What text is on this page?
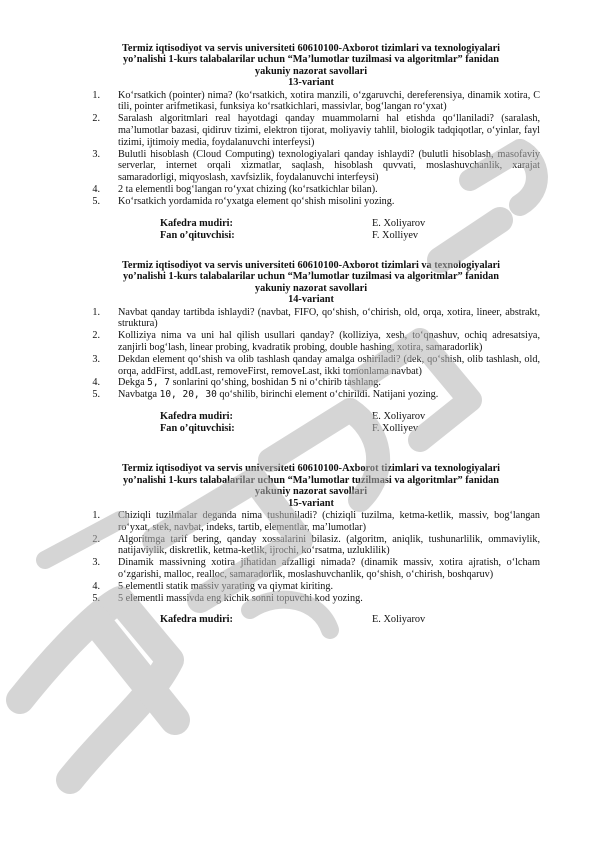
Termiz iqtisodiyot va servis universiteti 60610100-Axborot tizimlari va texnologiyalari
yo’nalishi 1-kurs talabalarilar uchun “Ma’lumotlar tuzilmasi va algoritmlar” fanidan
yakuniy nazorat savollari
13-variant
1.	Koʻrsatkich (pointer) nima? (koʻrsatkich, xotira manzili, oʻzgaruvchi, dereferensiya, dinamik xotira, C tili, pointer arifmetikasi, funksiya koʻrsatkichlari, massivlar, bogʻlangan roʻyxat)
2.	Saralash algoritmlari real hayotdagi qanday muammolarni hal etishda qoʻllaniladi? (saralash, maʼlumotlar bazasi, qidiruv tizimi, elektron tijorat, moliyaviy tahlil, biologik tadqiqotlar, oʻyinlar, fayl tizimi, ijtimoiy media, foydalanuvchi interfeysi)
3.	Bulutli hisoblash (Cloud Computing) texnologiyalari qanday ishlaydi? (bulutli hisoblash, masofaviy serverlar, internet orqali xizmatlar, saqlash, hisoblash quvvati, moslashuvchanlik, xarajat samaradorligi, miqyoslash, xavfsizlik, foydalanuvchi interfeysi)
4.	2 ta elementli bogʻlangan roʻyxat chizing (koʻrsatkichlar bilan).
5.	Koʻrsatkich yordamida roʻyxatga element qoʻshish misolini yozing.
Kafedra mudiri:	E. Xoliyarov
Fan o’qituvchisi:	F. Xolliyev
Termiz iqtisodiyot va servis universiteti 60610100-Axborot tizimlari va texnologiyalari
yo’nalishi 1-kurs talabalarilar uchun “Ma’lumotlar tuzilmasi va algoritmlar” fanidan
yakuniy nazorat savollari
14-variant
1.	Navbat qanday tartibda ishlaydi? (navbat, FIFO, qoʻshish, oʻchirish, old, orqa, xotira, lineer, abstrakt, struktura)
2.	Kolliziya nima va uni hal qilish usullari qanday? (kolliziya, xesh, toʻqnashuv, ochiq adresatsiya, zanjirli bogʻlash, linear probing, kvadratik probing, double hashing, xotira, samaradorlik)
3.	Dekdan element qoʻshish va olib tashlash qanday amalga oshiriladi? (dek, qoʻshish, olib tashlash, old, orqa, addFirst, addLast, removeFirst, removeLast, ikki tomonlama navbat)
4.	Dekga 5, 7 sonlarini qoʻshing, boshidan 5 ni oʻchirib tashlang.
5.	Navbatga 10, 20, 30 qoʻshilib, birinchi element oʻchirildi. Natijani yozing.
Kafedra mudiri:	E. Xoliyarov
Fan o’qituvchisi:	F. Xolliyev
Termiz iqtisodiyot va servis universiteti 60610100-Axborot tizimlari va texnologiyalari
yo’nalishi 1-kurs talabalarilar uchun “Ma’lumotlar tuzilmasi va algoritmlar” fanidan
yakuniy nazorat savollari
15-variant
1.	Chiziqli tuzilmalar deganda nima tushuniladi? (chiziqli tuzilma, ketma-ketlik, massiv, bogʻlangan roʻyxat, stek, navbat, indeks, tartib, elementlar, maʼlumotlar)
2.	Algoritmga tarif bering, qanday xossalarini bilasiz. (algoritm, aniqlik, tushunarlilik, ommaviylik, natijaviylik, diskretlik, ketma-ketlik, ijrochi, koʻrsatma, uzluklilik)
3.	Dinamik massivning xotira jihatidan afzalligi nimada? (dinamik massiv, xotira ajratish, oʻlcham oʻzgarishi, malloc, realloc, samaradorlik, moslashuvchanlik, qoʻshish, oʻchirish, boshqaruv)
4.	5 elementli statik massiv yarating va qiymat kiriting.
5.	5 elementli massivda eng kichik sonni topuvchi kod yozing.
Kafedra mudiri:	E. Xoliyarov
